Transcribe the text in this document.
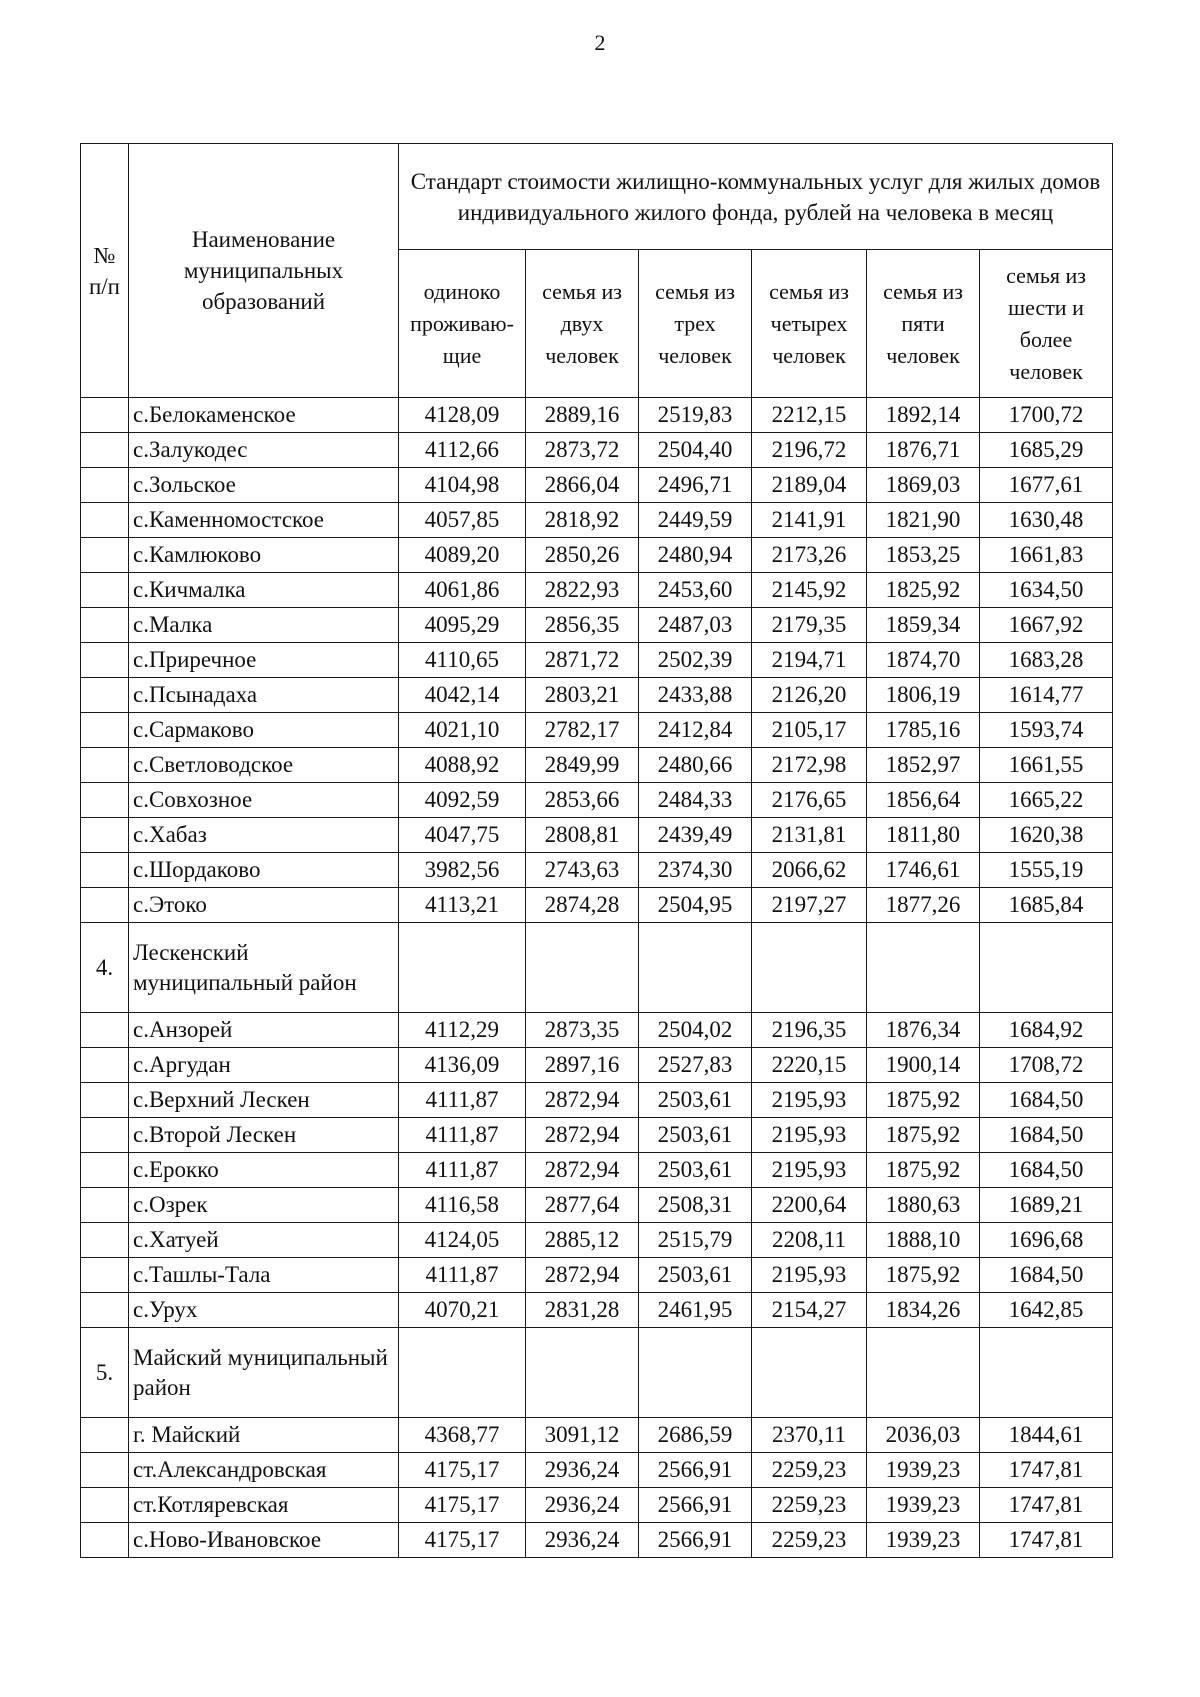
2
№ п/п	Наименование муниципальных образований	Стандарт стоимости жилищно-коммунальных услуг для жилых домов индивидуального жилого фонда, рублей на человека в месяц					
		одиноко проживаю-щие	семья из двух человек	семья из трех человек	семья из четырех человек	семья из пяти человек	семья из шести и более человек
	с.Белокаменское	4128,09	2889,16	2519,83	2212,15	1892,14	1700,72
	с.Залукодес	4112,66	2873,72	2504,40	2196,72	1876,71	1685,29
	с.Зольское	4104,98	2866,04	2496,71	2189,04	1869,03	1677,61
	с.Каменномостское	4057,85	2818,92	2449,59	2141,91	1821,90	1630,48
	с.Камлюково	4089,20	2850,26	2480,94	2173,26	1853,25	1661,83
	с.Кичмалка	4061,86	2822,93	2453,60	2145,92	1825,92	1634,50
	с.Малка	4095,29	2856,35	2487,03	2179,35	1859,34	1667,92
	с.Приречное	4110,65	2871,72	2502,39	2194,71	1874,70	1683,28
	с.Псынадаха	4042,14	2803,21	2433,88	2126,20	1806,19	1614,77
	с.Сармаково	4021,10	2782,17	2412,84	2105,17	1785,16	1593,74
	с.Светловодское	4088,92	2849,99	2480,66	2172,98	1852,97	1661,55
	с.Совхозное	4092,59	2853,66	2484,33	2176,65	1856,64	1665,22
	с.Хабаз	4047,75	2808,81	2439,49	2131,81	1811,80	1620,38
	с.Шордаково	3982,56	2743,63	2374,30	2066,62	1746,61	1555,19
	с.Этоко	4113,21	2874,28	2504,95	2197,27	1877,26	1685,84
4.	Лескенский муниципальный район						
	с.Анзорей	4112,29	2873,35	2504,02	2196,35	1876,34	1684,92
	с.Аргудан	4136,09	2897,16	2527,83	2220,15	1900,14	1708,72
	с.Верхний Лескен	4111,87	2872,94	2503,61	2195,93	1875,92	1684,50
	с.Второй Лескен	4111,87	2872,94	2503,61	2195,93	1875,92	1684,50
	с.Ерокко	4111,87	2872,94	2503,61	2195,93	1875,92	1684,50
	с.Озрек	4116,58	2877,64	2508,31	2200,64	1880,63	1689,21
	с.Хатуей	4124,05	2885,12	2515,79	2208,11	1888,10	1696,68
	с.Ташлы-Тала	4111,87	2872,94	2503,61	2195,93	1875,92	1684,50
	с.Урух	4070,21	2831,28	2461,95	2154,27	1834,26	1642,85
5.	Майский муниципальный район						
	г. Майский	4368,77	3091,12	2686,59	2370,11	2036,03	1844,61
	ст.Александровская	4175,17	2936,24	2566,91	2259,23	1939,23	1747,81
	ст.Котляревская	4175,17	2936,24	2566,91	2259,23	1939,23	1747,81
	с.Ново-Ивановское	4175,17	2936,24	2566,91	2259,23	1939,23	1747,81
